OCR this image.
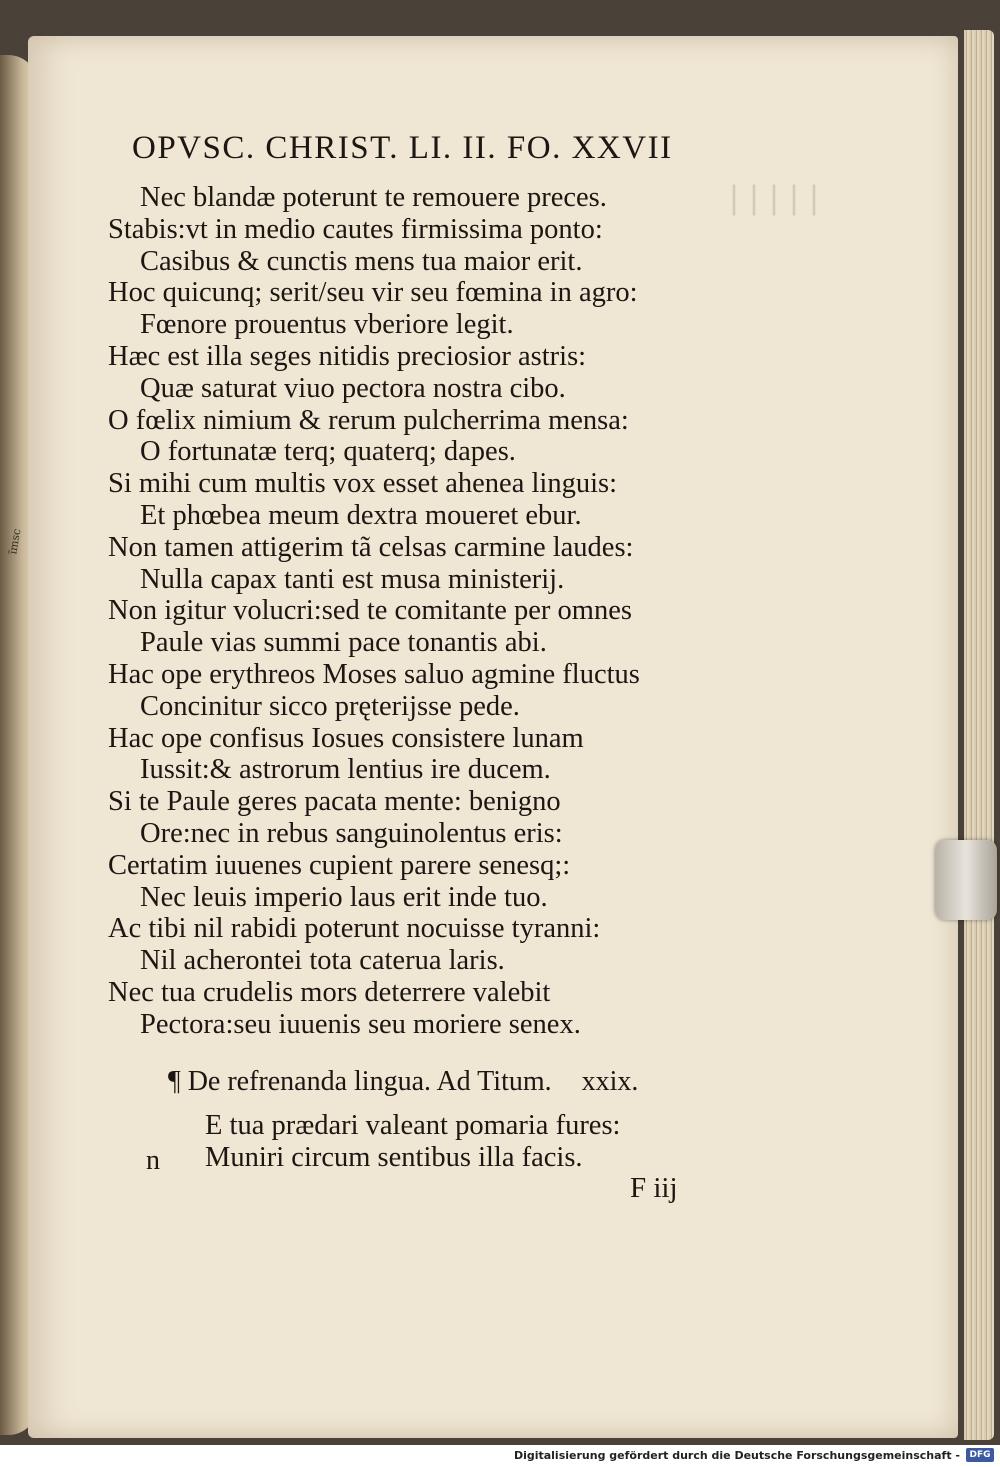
ĩmsc
▏▏▏▏▏
OPVSC. CHRIST. LI. II. FO. XXVII
Nec blandæ poterunt te remouere preces.
Stabis:vt in medio cautes firmissima ponto:
Casibus & cunctis mens tua maior erit.
Hoc quicunq; serit/seu vir seu fœmina in agro:
Fœnore prouentus vberiore legit.
Hæc est illa seges nitidis preciosior astris:
Quæ saturat viuo pectora nostra cibo.
O fœlix nimium & rerum pulcherrima mensa:
O fortunatæ terq; quaterq; dapes.
Si mihi cum multis vox esset ahenea linguis:
Et phœbea meum dextra moueret ebur.
Non tamen attigerim tã celsas carmine laudes:
Nulla capax tanti est musa ministerij.
Non igitur volucri:sed te comitante per omnes
Paule vias summi pace tonantis abi.
Hac ope erythreos Moses saluo agmine fluctus
Concinitur sicco pręterijsse pede.
Hac ope confisus Iosues consistere lunam
Iussit:& astrorum lentius ire ducem.
Si te Paule geres pacata mente: benigno
Ore:nec in rebus sanguinolentus eris:
Certatim iuuenes cupient parere senesq;:
Nec leuis imperio laus erit inde tuo.
Ac tibi nil rabidi poterunt nocuisse tyranni:
Nil acherontei tota caterua laris.
Nec tua crudelis mors deterrere valebit
Pectora:seu iuuenis seu moriere senex.
¶ De refrenanda lingua. Ad Titum. xxix.
n
E tua prædari valeant pomaria fures:
Muniri circum sentibus illa facis.
F iij
Digitalisierung gefördert durch die Deutsche Forschungsgemeinschaft -	DFG
